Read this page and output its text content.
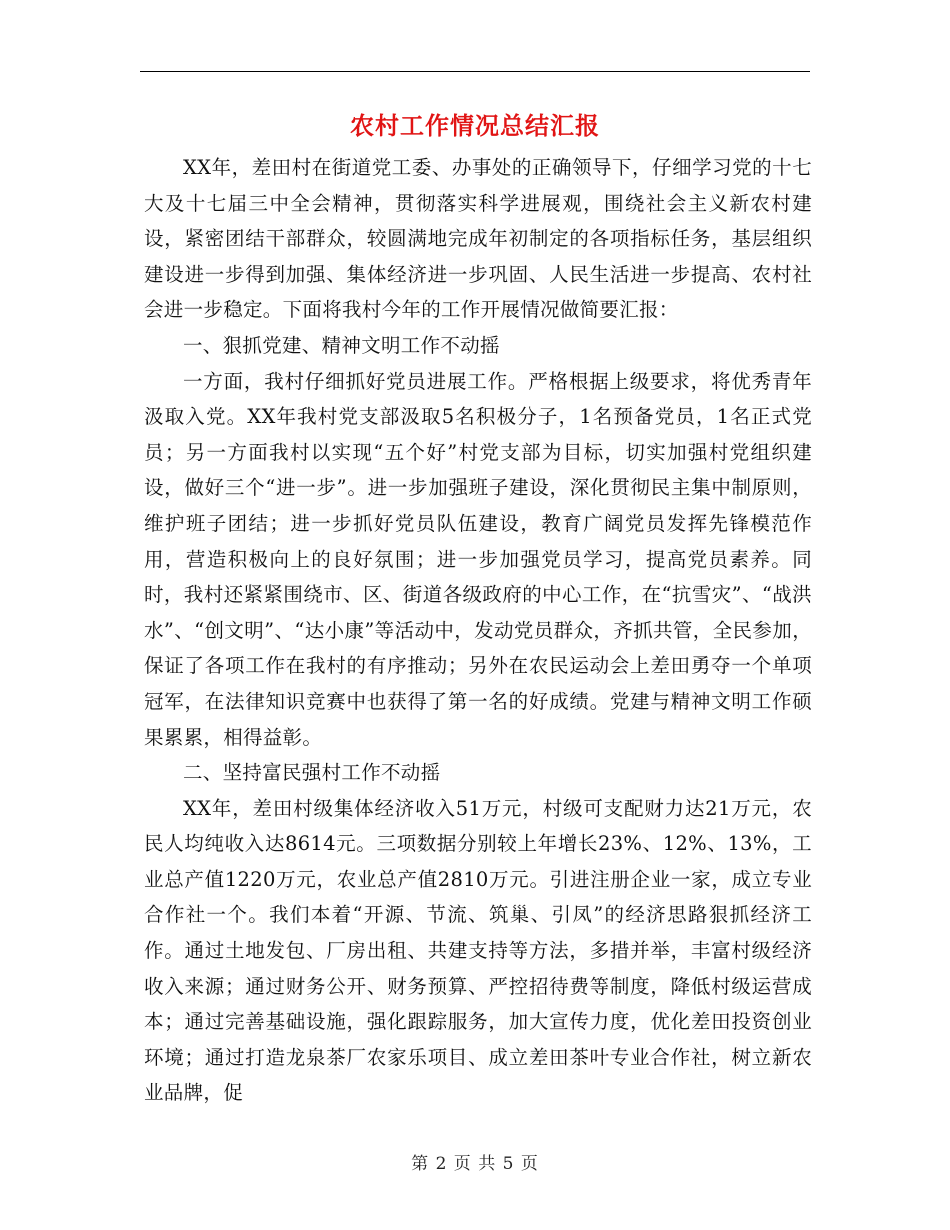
农村工作情况总结汇报

XX年，差田村在街道党工委、办事处的正确领导下，仔细学习党的十七大及十七届三中全会精神，贯彻落实科学进展观，围绕社会主义新农村建设，紧密团结干部群众，较圆满地完成年初制定的各项指标任务，基层组织建设进一步得到加强、集体经济进一步巩固、人民生活进一步提高、农村社会进一步稳定。下面将我村今年的工作开展情况做简要汇报：

一、狠抓党建、精神文明工作不动摇

一方面，我村仔细抓好党员进展工作。严格根据上级要求，将优秀青年汲取入党。XX年我村党支部汲取5名积极分子，1名预备党员，1名正式党员；另一方面我村以实现“五个好”村党支部为目标，切实加强村党组织建设，做好三个“进一步”。进一步加强班子建设，深化贯彻民主集中制原则，维护班子团结；进一步抓好党员队伍建设，教育广阔党员发挥先锋模范作用，营造积极向上的良好氛围；进一步加强党员学习，提高党员素养。同时，我村还紧紧围绕市、区、街道各级政府的中心工作，在“抗雪灾”、“战洪水”、“创文明”、“达小康”等活动中，发动党员群众，齐抓共管，全民参加，保证了各项工作在我村的有序推动；另外在农民运动会上差田勇夺一个单项冠军，在法律知识竞赛中也获得了第一名的好成绩。党建与精神文明工作硕果累累，相得益彰。

二、坚持富民强村工作不动摇

XX年，差田村级集体经济收入51万元，村级可支配财力达21万元，农民人均纯收入达8614元。三项数据分别较上年增长23%、12%、13%，工业总产值1220万元，农业总产值2810万元。引进注册企业一家，成立专业合作社一个。我们本着“开源、节流、筑巢、引凤”的经济思路狠抓经济工作。通过土地发包、厂房出租、共建支持等方法，多措并举，丰富村级经济收入来源；通过财务公开、财务预算、严控招待费等制度，降低村级运营成本；通过完善基础设施，强化跟踪服务，加大宣传力度，优化差田投资创业环境；通过打造龙泉茶厂农家乐项目、成立差田茶叶专业合作社，树立新农业品牌，促

第 2 页 共 5 页
